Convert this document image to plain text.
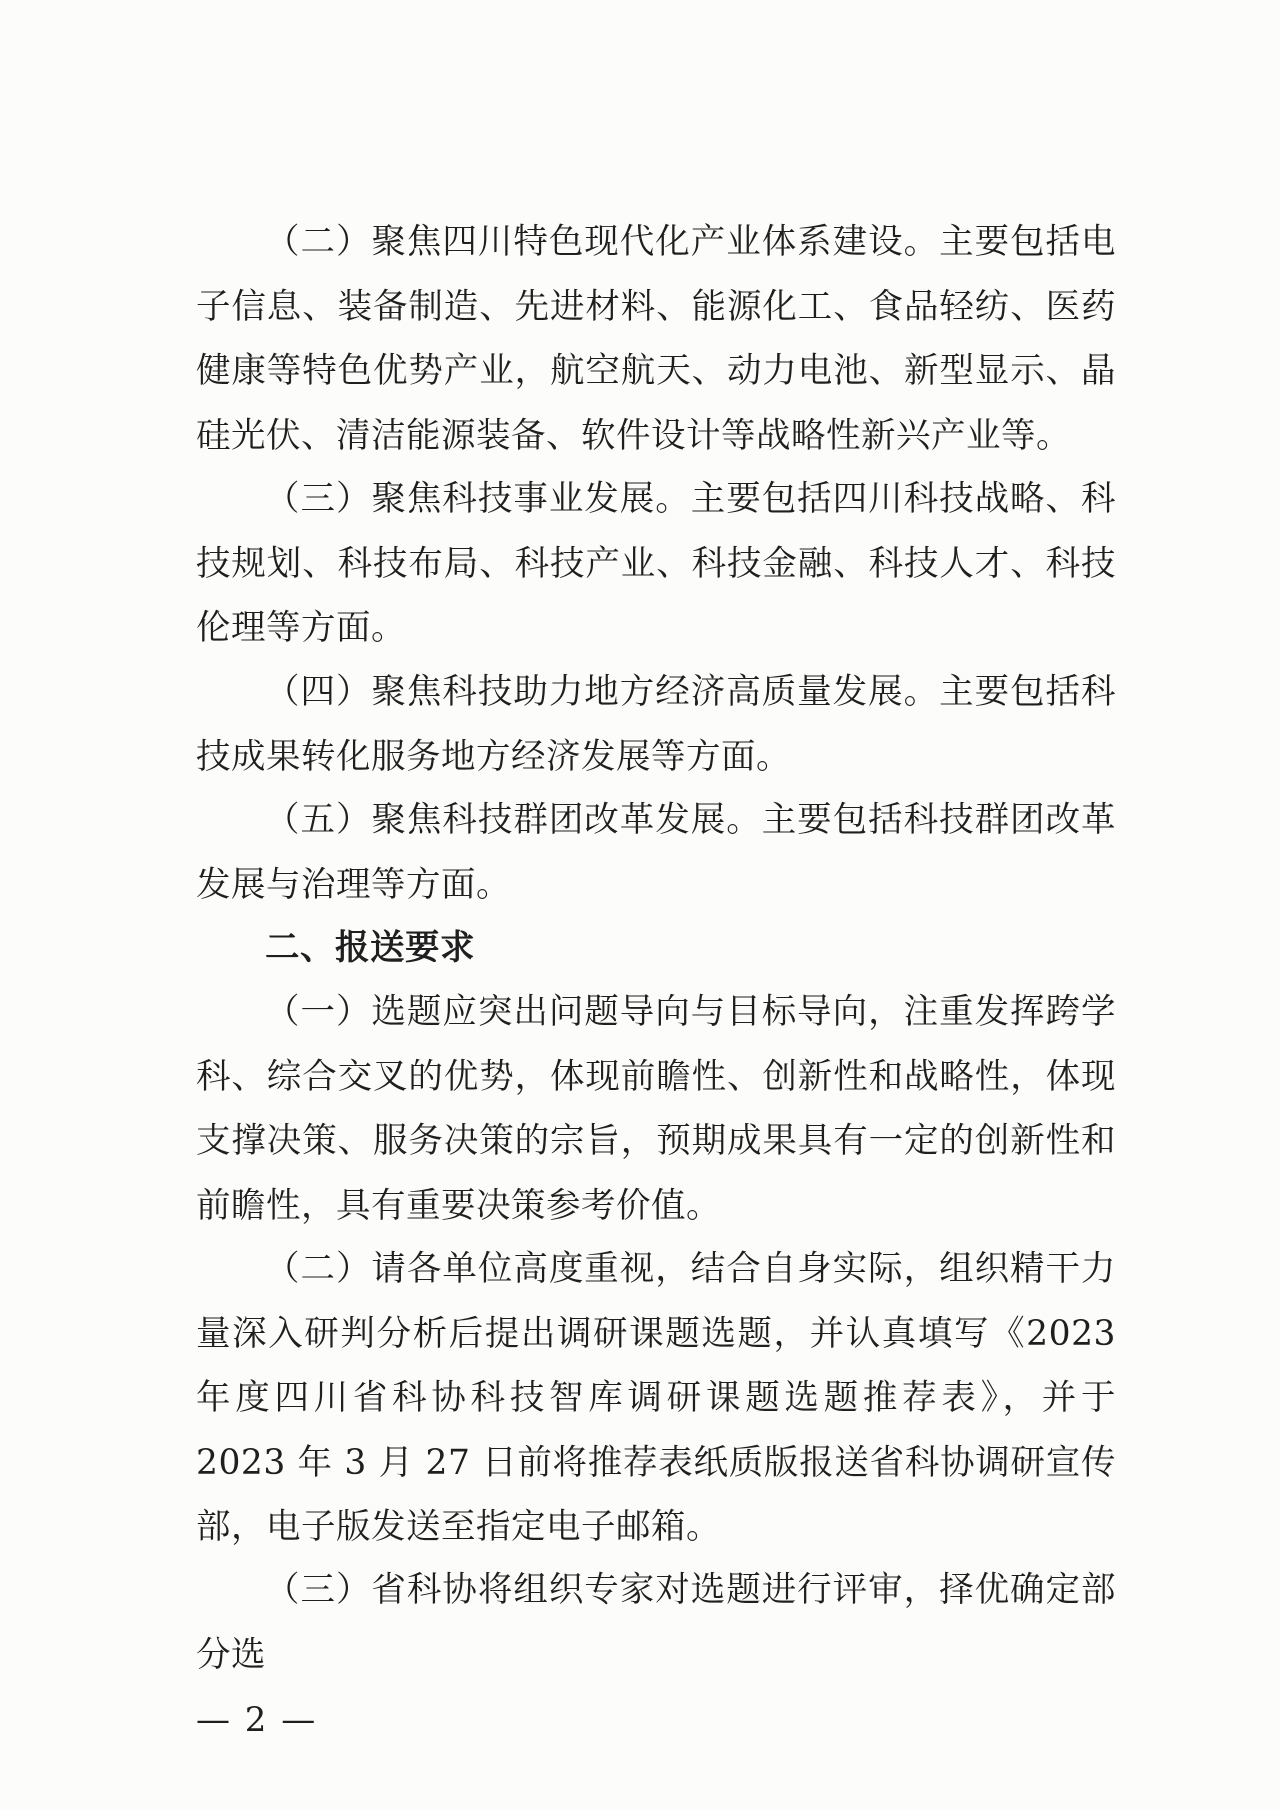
（二）聚焦四川特色现代化产业体系建设。主要包括电子信息、装备制造、先进材料、能源化工、食品轻纺、医药健康等特色优势产业，航空航天、动力电池、新型显示、晶硅光伏、清洁能源装备、软件设计等战略性新兴产业等。

（三）聚焦科技事业发展。主要包括四川科技战略、科技规划、科技布局、科技产业、科技金融、科技人才、科技伦理等方面。

（四）聚焦科技助力地方经济高质量发展。主要包括科技成果转化服务地方经济发展等方面。

（五）聚焦科技群团改革发展。主要包括科技群团改革发展与治理等方面。

二、报送要求

（一）选题应突出问题导向与目标导向，注重发挥跨学科、综合交叉的优势，体现前瞻性、创新性和战略性，体现支撑决策、服务决策的宗旨，预期成果具有一定的创新性和前瞻性，具有重要决策参考价值。

（二）请各单位高度重视，结合自身实际，组织精干力量深入研判分析后提出调研课题选题，并认真填写《2023 年度四川省科协科技智库调研课题选题推荐表》，并于 2023 年 3 月 27 日前将推荐表纸质版报送省科协调研宣传部，电子版发送至指定电子邮箱。

（三）省科协将组织专家对选题进行评审，择优确定部分选

— 2 —
